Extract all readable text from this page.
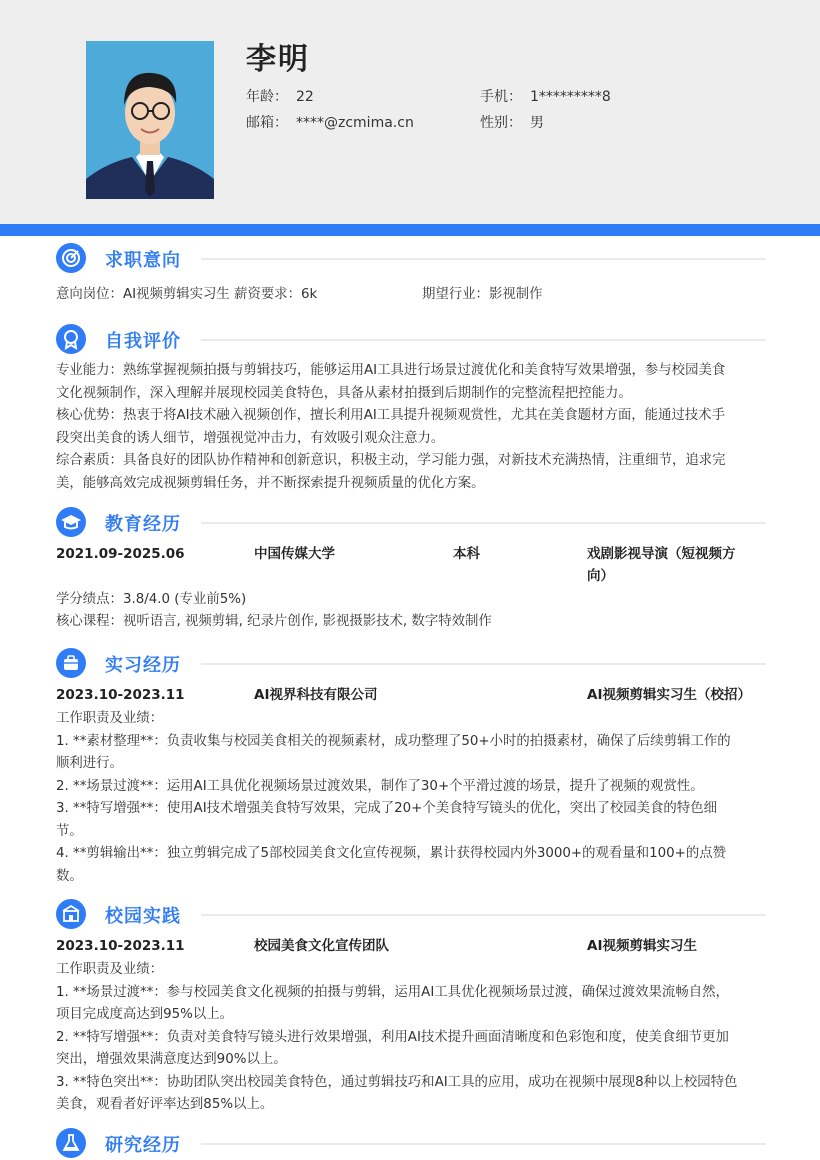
李明
年龄： 22	手机： 1*********8
邮箱： ****@zcmima.cn	性别： 男
求职意向
意向岗位：AI视频剪辑实习生 薪资要求：6k	期望行业：影视制作
自我评价

专业能力：熟练掌握视频拍摄与剪辑技巧，能够运用AI工具进行场景过渡优化和美食特写效果增强，参与校园美食

文化视频制作，深入理解并展现校园美食特色，具备从素材拍摄到后期制作的完整流程把控能力。

核心优势：热衷于将AI技术融入视频创作，擅长利用AI工具提升视频观赏性，尤其在美食题材方面，能通过技术手

段突出美食的诱人细节，增强视觉冲击力，有效吸引观众注意力。

综合素质：具备良好的团队协作精神和创新意识，积极主动，学习能力强，对新技术充满热情，注重细节，追求完

美，能够高效完成视频剪辑任务，并不断探索提升视频质量的优化方案。

教育经历
2021.09-2025.06	中国传媒大学	本科	戏剧影视导演（短视频方
向）
学分绩点：3.8/4.0 (专业前5%)
核心课程：视听语言, 视频剪辑, 纪录片创作, 影视摄影技术, 数字特效制作
实习经历
2023.10-2023.11	AI视界科技有限公司	AI视频剪辑实习生（校招）

工作职责及业绩：

1. **素材整理**：负责收集与校园美食相关的视频素材，成功整理了50+小时的拍摄素材，确保了后续剪辑工作的

顺利进行。

2. **场景过渡**：运用AI工具优化视频场景过渡效果，制作了30+个平滑过渡的场景，提升了视频的观赏性。

3. **特写增强**：使用AI技术增强美食特写效果，完成了20+个美食特写镜头的优化，突出了校园美食的特色细

节。

4. **剪辑输出**：独立剪辑完成了5部校园美食文化宣传视频，累计获得校园内外3000+的观看量和100+的点赞

数。

校园实践
2023.10-2023.11	校园美食文化宣传团队	AI视频剪辑实习生

工作职责及业绩：

1. **场景过渡**：参与校园美食文化视频的拍摄与剪辑，运用AI工具优化视频场景过渡，确保过渡效果流畅自然，

项目完成度高达到95%以上。

2. **特写增强**：负责对美食特写镜头进行效果增强，利用AI技术提升画面清晰度和色彩饱和度，使美食细节更加

突出，增强效果满意度达到90%以上。

3. **特色突出**：协助团队突出校园美食特色，通过剪辑技巧和AI工具的应用，成功在视频中展现8种以上校园特色

美食，观看者好评率达到85%以上。

研究经历
